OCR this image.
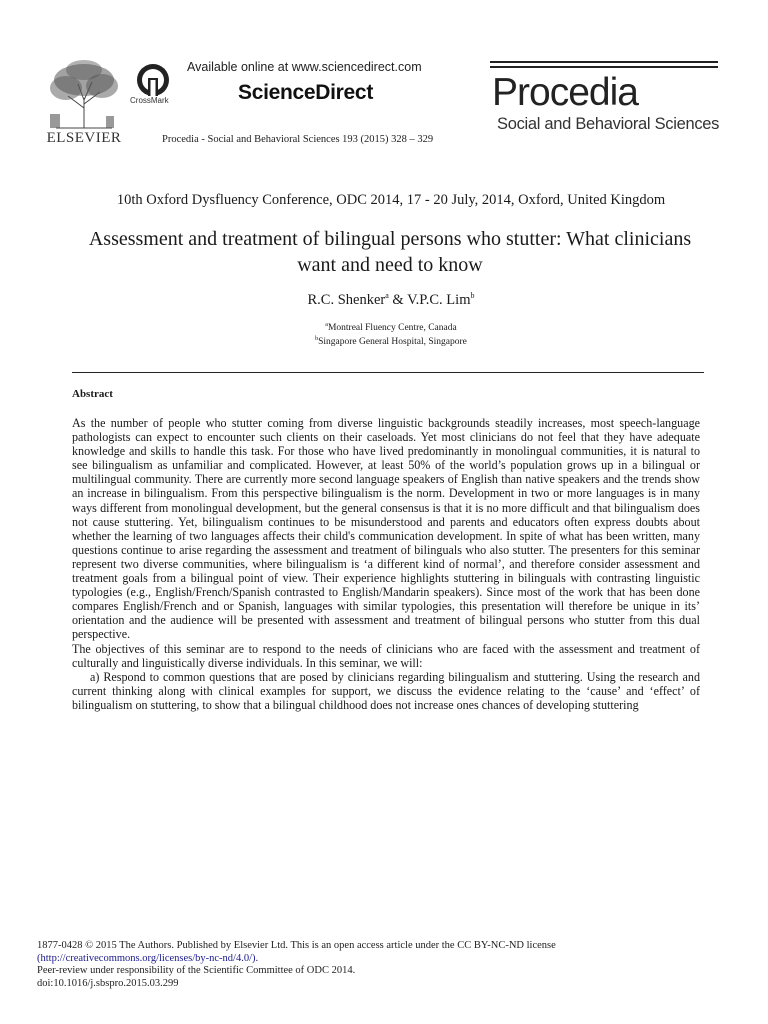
ELSEVIER
CrossMark
Available online at www.sciencedirect.com
ScienceDirect
Procedia - Social and Behavioral Sciences 193 (2015) 328 – 329
Procedia
Social and Behavioral Sciences
10th Oxford Dysfluency Conference, ODC 2014, 17 - 20 July, 2014, Oxford, United Kingdom
Assessment and treatment of bilingual persons who stutter: What clinicians want and need to know
R.C. Shenker$^a$ & V.P.C. Lim$^b$
$^a$Montreal Fluency Centre, Canada
$^b$Singapore General Hospital, Singapore
Abstract

As the number of people who stutter coming from diverse linguistic backgrounds steadily increases, most speech-language pathologists can expect to encounter such clients on their caseloads. Yet most clinicians do not feel that they have adequate knowledge and skills to handle this task. For those who have lived predominantly in monolingual communities, it is natural to see bilingualism as unfamiliar and complicated. However, at least 50% of the world’s population grows up in a bilingual or multilingual community. There are currently more second language speakers of English than native speakers and the trends show an increase in bilingualism. From this perspective bilingualism is the norm. Development in two or more languages is in many ways different from monolingual development, but the general consensus is that it is no more difficult and that bilingualism does not cause stuttering. Yet, bilingualism continues to be misunderstood and parents and educators often express doubts about whether the learning of two languages affects their child's communication development. In spite of what has been written, many questions continue to arise regarding the assessment and treatment of bilinguals who also stutter. The presenters for this seminar represent two diverse communities, where bilingualism is ‘a different kind of normal’, and therefore consider assessment and treatment goals from a bilingual point of view. Their experience highlights stuttering in bilinguals with contrasting linguistic typologies (e.g., English/French/Spanish contrasted to English/Mandarin speakers). Since most of the work that has been done compares English/French and or Spanish, languages with similar typologies, this presentation will therefore be unique in its’ orientation and the audience will be presented with assessment and treatment of bilingual persons who stutter from this dual perspective.

The objectives of this seminar are to respond to the needs of clinicians who are faced with the assessment and treatment of culturally and linguistically diverse individuals. In this seminar, we will:

a) Respond to common questions that are posed by clinicians regarding bilingualism and stuttering. Using the research and current thinking along with clinical examples for support, we discuss the evidence relating to the ‘cause’ and ‘effect’ of bilingualism on stuttering, to show that a bilingual childhood does not increase ones chances of developing stuttering

1877-0428 © 2015 The Authors. Published by Elsevier Ltd. This is an open access article under the CC BY-NC-ND license
(http://creativecommons.org/licenses/by-nc-nd/4.0/).
Peer-review under responsibility of the Scientific Committee of ODC 2014.
doi:10.1016/j.sbspro.2015.03.299
